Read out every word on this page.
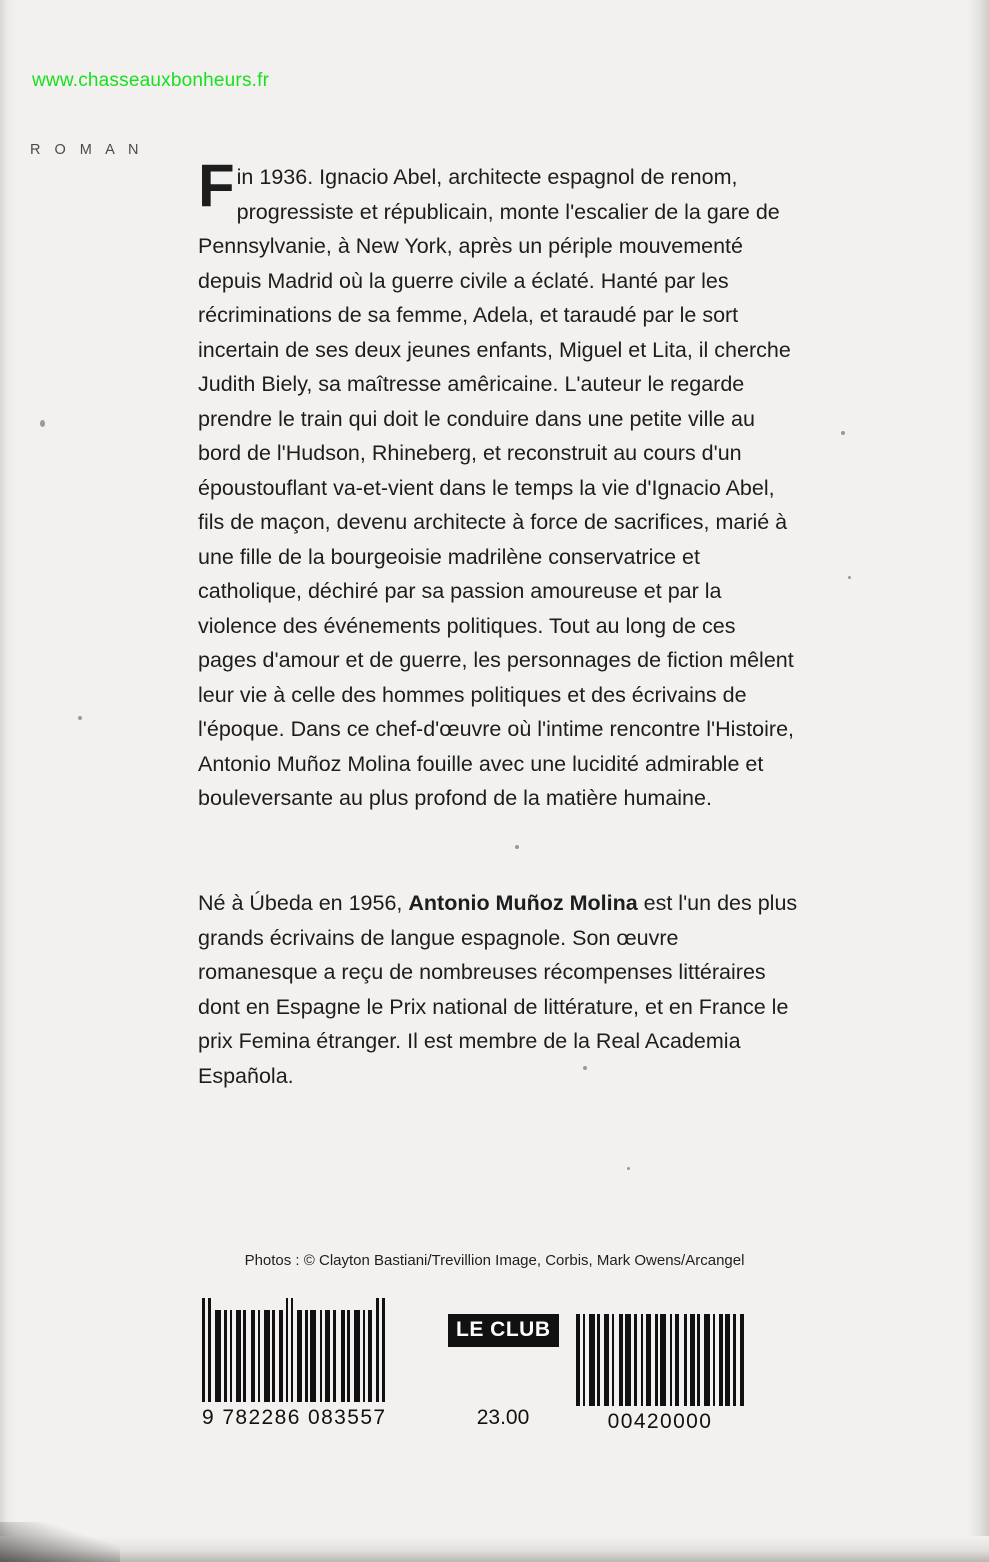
www.chasseauxbonheurs.fr
R O M A N
Fin 1936. Ignacio Abel, architecte espagnol de renom, progressiste et républicain, monte l'escalier de la gare de Pennsylvanie, à New York, après un périple mouvementé depuis Madrid où la guerre civile a éclaté. Hanté par les récriminations de sa femme, Adela, et taraudé par le sort incertain de ses deux jeunes enfants, Miguel et Lita, il cherche Judith Biely, sa maîtresse amêricaine. L'auteur le regarde prendre le train qui doit le conduire dans une petite ville au bord de l'Hudson, Rhineberg, et reconstruit au cours d'un époustouflant va-et-vient dans le temps la vie d'Ignacio Abel, fils de maçon, devenu architecte à force de sacrifices, marié à une fille de la bourgeoisie madrilène conservatrice et catholique, déchiré par sa passion amoureuse et par la violence des événements politiques. Tout au long de ces pages d'amour et de guerre, les personnages de fiction mêlent leur vie à celle des hommes politiques et des écrivains de l'époque. Dans ce chef-d'œuvre où l'intime rencontre l'Histoire, Antonio Muñoz Molina fouille avec une lucidité admirable et bouleversante au plus profond de la matière humaine.
Né à Úbeda en 1956, Antonio Muñoz Molina est l'un des plus grands écrivains de langue espagnole. Son œuvre romanesque a reçu de nombreuses récompenses littéraires dont en Espagne le Prix national de littérature, et en France le prix Femina étranger. Il est membre de la Real Academia Española.
Photos : © Clayton Bastiani/Trevillion Image, Corbis, Mark Owens/Arcangel
9 782286 083557
LE CLUB
23.00	00420000
